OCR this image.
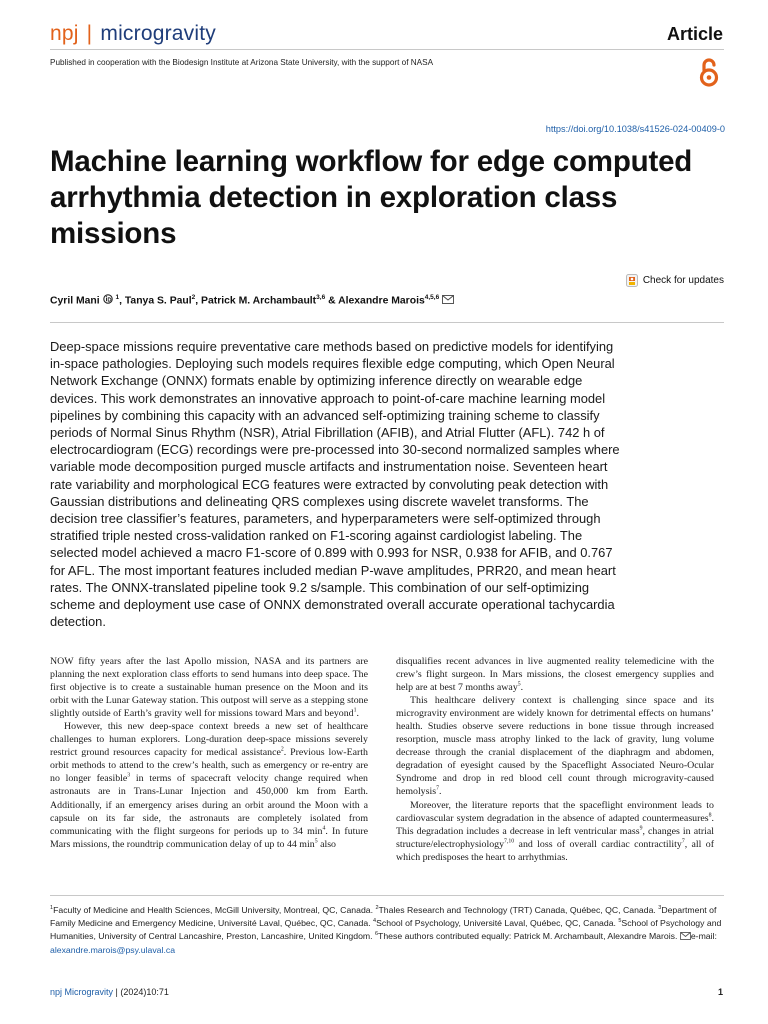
npj | microgravity	Article
Published in cooperation with the Biodesign Institute at Arizona State University, with the support of NASA
https://doi.org/10.1038/s41526-024-00409-0
Machine learning workflow for edge computed arrhythmia detection in exploration class missions
Check for updates
Cyril Mani $^1$, Tanya S. Paul$^2$, Patrick M. Archambault$^{3,6}$ & Alexandre Marois$^{4,5,6}$

Deep-space missions require preventative care methods based on predictive models for identifying in-space pathologies. Deploying such models requires flexible edge computing, which Open Neural Network Exchange (ONNX) formats enable by optimizing inference directly on wearable edge devices. This work demonstrates an innovative approach to point-of-care machine learning model pipelines by combining this capacity with an advanced self-optimizing training scheme to classify periods of Normal Sinus Rhythm (NSR), Atrial Fibrillation (AFIB), and Atrial Flutter (AFL). 742 h of electrocardiogram (ECG) recordings were pre-processed into 30-second normalized samples where variable mode decomposition purged muscle artifacts and instrumentation noise. Seventeen heart rate variability and morphological ECG features were extracted by convoluting peak detection with Gaussian distributions and delineating QRS complexes using discrete wavelet transforms. The decision tree classifier’s features, parameters, and hyperparameters were self-optimized through stratified triple nested cross-validation ranked on F1-scoring against cardiologist labeling. The selected model achieved a macro F1-score of 0.899 with 0.993 for NSR, 0.938 for AFIB, and 0.767 for AFL. The most important features included median P-wave amplitudes, PRR20, and mean heart rates. The ONNX-translated pipeline took 9.2 s/sample. This combination of our self-optimizing scheme and deployment use case of ONNX demonstrated overall accurate operational tachycardia detection.

NOW fifty years after the last Apollo mission, NASA and its partners are planning the next exploration class efforts to send humans into deep space. The first objective is to create a sustainable human presence on the Moon and its orbit with the Lunar Gateway station. This outpost will serve as a stepping stone slightly outside of Earth’s gravity well for missions toward Mars and beyond$^1$.

However, this new deep-space context breeds a new set of healthcare challenges to human explorers. Long-duration deep-space missions severely restrict ground resources capacity for medical assistance$^2$. Previous low-Earth orbit methods to attend to the crew’s health, such as emergency or re-entry are no longer feasible$^3$ in terms of spacecraft velocity change required when astronauts are in Trans-Lunar Injection and 450,000 km from Earth. Additionally, if an emergency arises during an orbit around the Moon with a capsule on its far side, the astronauts are completely isolated from communicating with the flight surgeons for periods up to 34 $\min^4$. In future Mars missions, the roundtrip communication delay of up to 44 $\min^5$ also

disqualifies recent advances in live augmented reality telemedicine with the crew’s flight surgeon. In Mars missions, the closest emergency supplies and help are at best 7 months away$^5$.

This healthcare delivery context is challenging since space and its microgravity environment are widely known for detrimental effects on humans’ health. Studies observe severe reductions in bone tissue through increased resorption, muscle mass atrophy linked to the lack of gravity, lung volume decrease through the cranial displacement of the diaphragm and abdomen, degradation of eyesight caused by the Spaceflight Associated Neuro-Ocular Syndrome and drop in red blood cell count through microgravity-caused hemolysis$^7$.

Moreover, the literature reports that the spaceflight environment leads to cardiovascular system degradation in the absence of adapted countermeasures$^8$. This degradation includes a decrease in left ventricular mass$^9$, changes in atrial structure/electrophysiology$^{7,10}$ and loss of overall cardiac contractility$^7$, all of which predisposes the heart to arrhythmias.

$^1$Faculty of Medicine and Health Sciences, McGill University, Montreal, QC, Canada. $^2$Thales Research and Technology (TRT) Canada, Québec, QC, Canada. $^3$Department of Family Medicine and Emergency Medicine, Université Laval, Québec, QC, Canada. $^4$School of Psychology, Université Laval, Québec, QC, Canada. $^5$School of Psychology and Humanities, University of Central Lancashire, Preston, Lancashire, United Kingdom. $^6$These authors contributed equally: Patrick M. Archambault, Alexandre Marois. e-mail: alexandre.marois@psy.ulaval.ca

npj Microgravity | (2024)10:71	1
